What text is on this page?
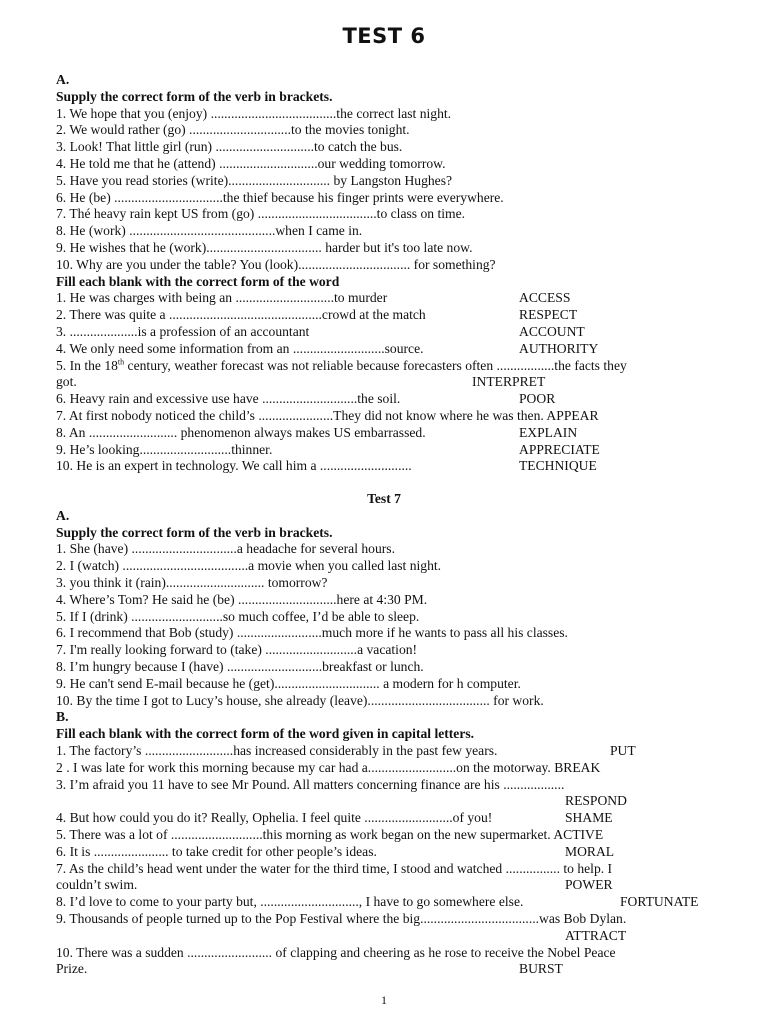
TEST 6
A.
Supply the correct form of the verb in brackets.
1. We hope that you (enjoy) .....................................the correct last night.
2. We would rather (go) ..............................to the movies tonight.
3. Look! That little girl (run) .............................to catch the bus.
4. He told me that he (attend) .............................our wedding tomorrow.
5. Have you read stories (write).............................. by Langston Hughes?
6. He (be) ................................the thief because his finger prints were everywhere.
7. Thé heavy rain kept US from (go) ...................................to class on time.
8. He (work) ...........................................when I came in.
9. He wishes that he (work).................................. harder but it's too late now.
10. Why are you under the table? You (look)................................. for something?
Fill each blank with the correct form of the word
1. He was charges with being an .............................to murder	ACCESS
2. There was quite a .............................................crowd at the match	RESPECT
3. ....................is a profession of an accountant	ACCOUNT
4. We only need some information from an ...........................source.	AUTHORITY
5. In the 18th century, weather forecast was not reliable because forecasters often .................the facts they
got.	INTERPRET
6. Heavy rain and excessive use have ............................the soil.	POOR
7. At first nobody noticed the child’s ......................They did not know where he was then. APPEAR
8. An .......................... phenomenon always makes US embarrassed.	EXPLAIN
9. He’s looking...........................thinner.	APPRECIATE
10. He is an expert in technology. We call him a ...........................	TECHNIQUE
Test 7
A.
Supply the correct form of the verb in brackets.
1. She (have) ...............................a headache for several hours.
2. I (watch) .....................................a movie when you called last night.
3. you think it (rain)............................. tomorrow?
4. Where’s Tom? He said he (be) .............................here at 4:30 PM.
5. If I (drink) ...........................so much coffee, I’d be able to sleep.
6. I recommend that Bob (study) .........................much more if he wants to pass all his classes.
7. I'm really looking forward to (take) ...........................a vacation!
8. I’m hungry because I (have) ............................breakfast or lunch.
9. He can't send E-mail because he (get)............................... a modern for h computer.
10. By the time I got to Lucy’s house, she already (leave).................................... for work.
B.
Fill each blank with the correct form of the word given in capital letters.
1. The factory’s ..........................has increased considerably in the past few years.	PUT
2 . I was late for work this morning because my car had a..........................on the motorway. BREAK
3. I’m afraid you 11 have to see Mr Pound. All matters concerning finance are his ..................
RESPOND
4. But how could you do it? Really, Ophelia. I feel quite ..........................of you!	SHAME
5. There was a lot of ...........................this morning as work began on the new supermarket. ACTIVE
6. It is ...................... to take credit for other people’s ideas.	MORAL
7. As the child’s head went under the water for the third time, I stood and watched ................ to help. I
couldn’t swim.	POWER
8. I’d love to come to your party but, ............................., I have to go somewhere else.	FORTUNATE
9. Thousands of people turned up to the Pop Festival where the big...................................was Bob Dylan.
ATTRACT
10. There was a sudden ......................... of clapping and cheering as he rose to receive the Nobel Peace
Prize.	BURST
1
